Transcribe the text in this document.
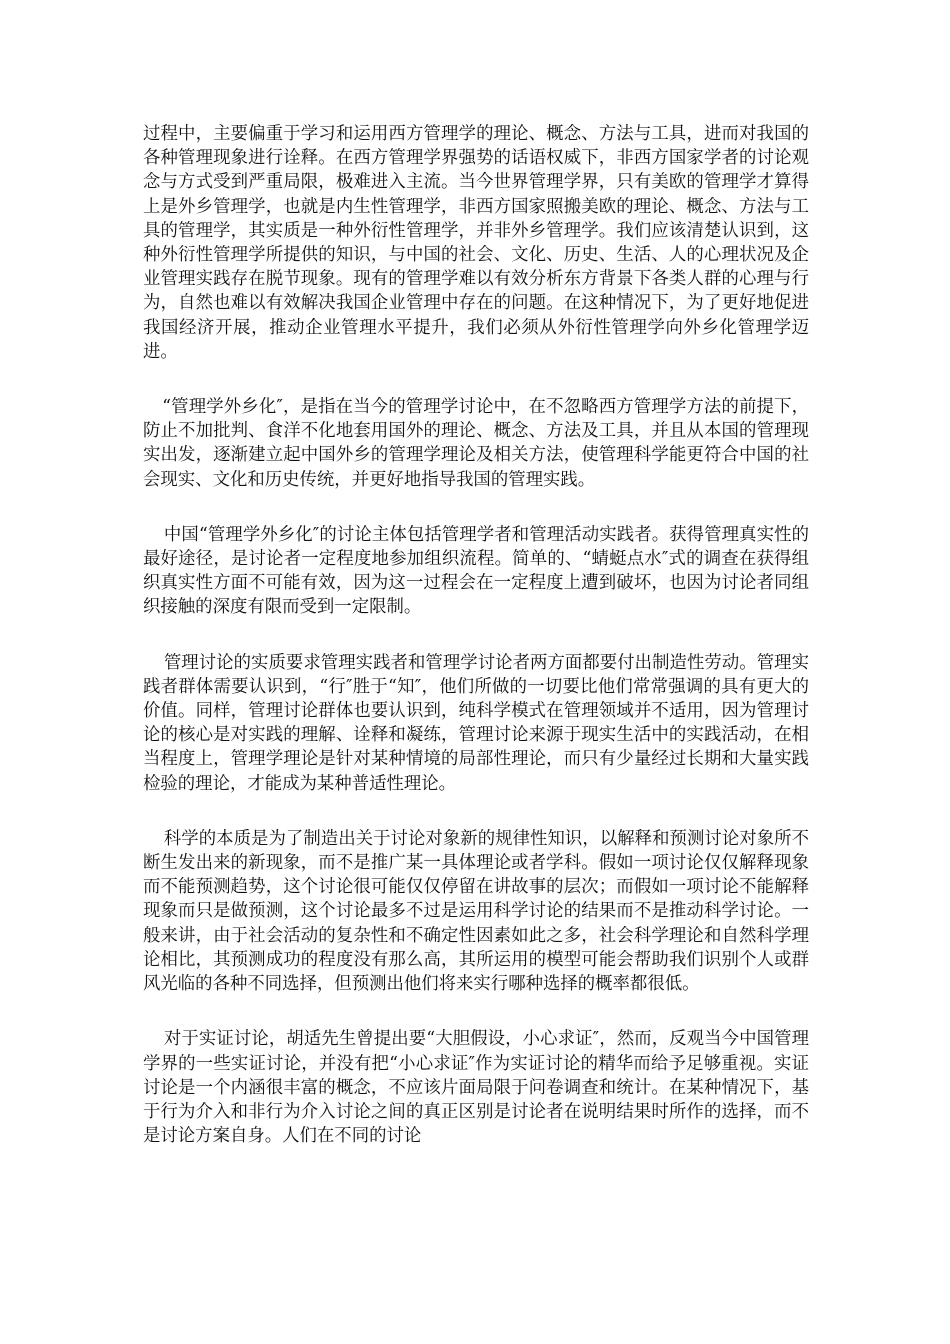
过程中，主要偏重于学习和运用西方管理学的理论、概念、方法与工具，进而对我国的各种管理现象进行诠释。在西方管理学界强势的话语权威下，非西方国家学者的讨论观念与方式受到严重局限，极难进入主流。当今世界管理学界，只有美欧的管理学才算得上是外乡管理学，也就是内生性管理学，非西方国家照搬美欧的理论、概念、方法与工具的管理学，其实质是一种外衍性管理学，并非外乡管理学。我们应该清楚认识到，这种外衍性管理学所提供的知识，与中国的社会、文化、历史、生活、人的心理状况及企业管理实践存在脱节现象。现有的管理学难以有效分析东方背景下各类人群的心理与行为，自然也难以有效解决我国企业管理中存在的问题。在这种情况下，为了更好地促进我国经济开展，推动企业管理水平提升，我们必须从外衍性管理学向外乡化管理学迈进。

“管理学外乡化″，是指在当今的管理学讨论中，在不忽略西方管理学方法的前提下，防止不加批判、食洋不化地套用国外的理论、概念、方法及工具，并且从本国的管理现实出发，逐渐建立起中国外乡的管理学理论及相关方法，使管理科学能更符合中国的社会现实、文化和历史传统，并更好地指导我国的管理实践。

中国“管理学外乡化″的讨论主体包括管理学者和管理活动实践者。获得管理真实性的最好途径，是讨论者一定程度地参加组织流程。简单的、“蜻蜓点水″式的调查在获得组织真实性方面不可能有效，因为这一过程会在一定程度上遭到破坏，也因为讨论者同组织接触的深度有限而受到一定限制。

管理讨论的实质要求管理实践者和管理学讨论者两方面都要付出制造性劳动。管理实践者群体需要认识到，“行″胜于“知″，他们所做的一切要比他们常常强调的具有更大的价值。同样，管理讨论群体也要认识到，纯科学模式在管理领域并不适用，因为管理讨论的核心是对实践的理解、诠释和凝练，管理讨论来源于现实生活中的实践活动，在相当程度上，管理学理论是针对某种情境的局部性理论，而只有少量经过长期和大量实践检验的理论，才能成为某种普适性理论。

科学的本质是为了制造出关于讨论对象新的规律性知识，以解释和预测讨论对象所不断生发出来的新现象，而不是推广某一具体理论或者学科。假如一项讨论仅仅解释现象而不能预测趋势，这个讨论很可能仅仅停留在讲故事的层次；而假如一项讨论不能解释现象而只是做预测，这个讨论最多不过是运用科学讨论的结果而不是推动科学讨论。一般来讲，由于社会活动的复杂性和不确定性因素如此之多，社会科学理论和自然科学理论相比，其预测成功的程度没有那么高，其所运用的模型可能会帮助我们识别个人或群风光临的各种不同选择，但预测出他们将来实行哪种选择的概率都很低。

对于实证讨论，胡适先生曾提出要“大胆假设，小心求证″，然而，反观当今中国管理学界的一些实证讨论，并没有把“小心求证″作为实证讨论的精华而给予足够重视。实证讨论是一个内涵很丰富的概念，不应该片面局限于问卷调查和统计。在某种情况下，基于行为介入和非行为介入讨论之间的真正区别是讨论者在说明结果时所作的选择，而不是讨论方案自身。人们在不同的讨论
